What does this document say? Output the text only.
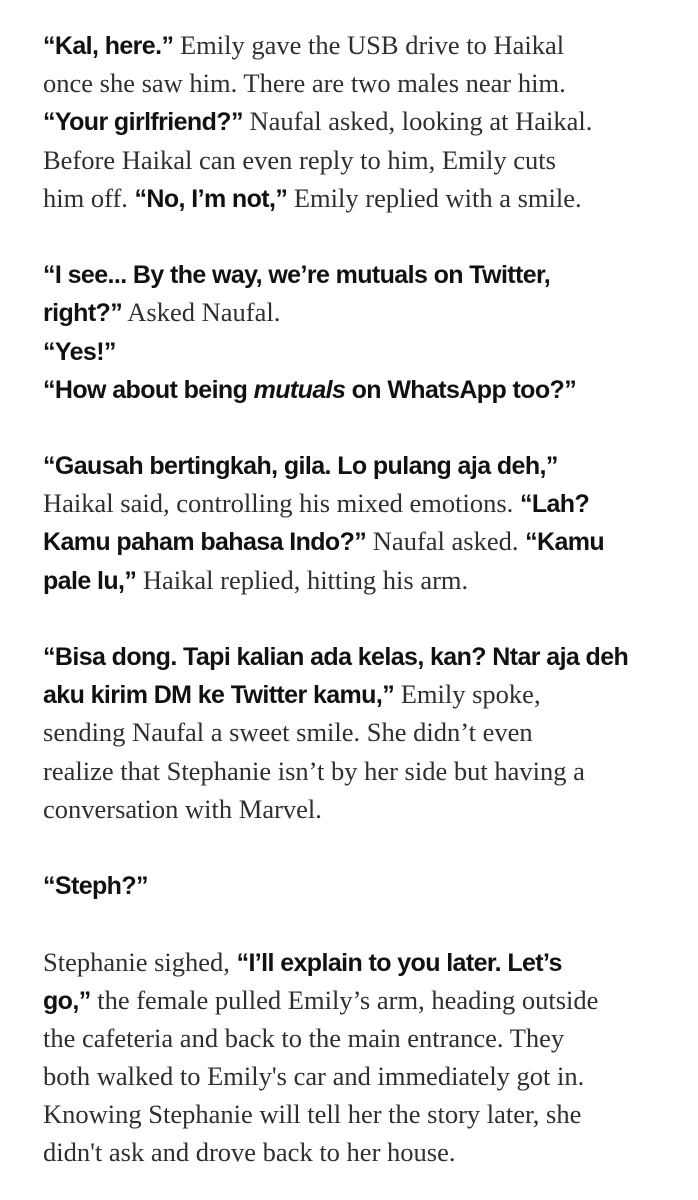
“Kal, here.” Emily gave the USB drive to Haikal
once she saw him. There are two males near him.
“Your girlfriend?” Naufal asked, looking at Haikal.
Before Haikal can even reply to him, Emily cuts
him off. “No, I’m not,” Emily replied with a smile.
“I see... By the way, we’re mutuals on Twitter,
right?” Asked Naufal.
“Yes!”
“How about being mutuals on WhatsApp too?”
“Gausah bertingkah, gila. Lo pulang aja deh,”
Haikal said, controlling his mixed emotions. “Lah?
Kamu paham bahasa Indo?” Naufal asked. “Kamu
pale lu,” Haikal replied, hitting his arm.
“Bisa dong. Tapi kalian ada kelas, kan? Ntar aja deh
aku kirim DM ke Twitter kamu,” Emily spoke,
sending Naufal a sweet smile. She didn’t even
realize that Stephanie isn’t by her side but having a
conversation with Marvel.
“Steph?”
Stephanie sighed, “I’ll explain to you later. Let’s
go,” the female pulled Emily’s arm, heading outside
the cafeteria and back to the main entrance. They
both walked to Emily's car and immediately got in.
Knowing Stephanie will tell her the story later, she
didn't ask and drove back to her house.
